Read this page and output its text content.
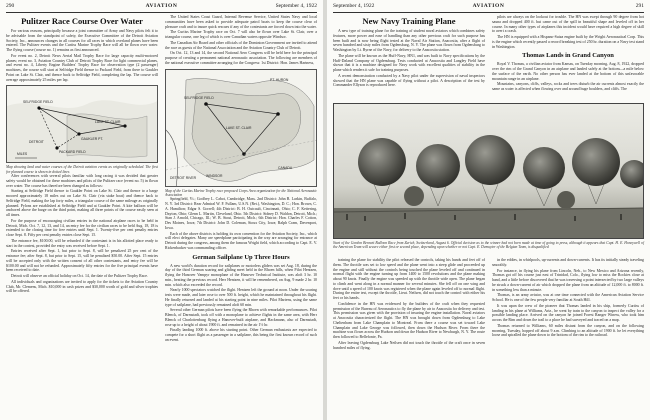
290	AVIATION	September 4, 1922
Pulitzer Race Course Over Water

For various reasons, principally because a joint committee of Army and Navy pilots felt it to be advisable from the standpoint of safety, the Executive Committee of the Detroit Aviation Society, Inc., announces changes in all courses for all races in which overland planes have been entered. The Pulitzer events and the Curtiss Marine Trophy Race will all be flown over water. The flying course (course no. 1) remains as first announced.

For event no. 2, Detroit News Aerial Mail Trophy Race for large capacity multi-motored planes; event no. 3, Aviation Country Club of Detroit Trophy Race for light commercial planes, and event no. 4, Liberty Engine Builders' Trophy Race for observation type (2 passenger) machines, the course will start at Selfridge Field thence to Packard Field, from there to Gaukler Point on Lake St. Clair, and thence back to Selfridge Field, completing the lap. The course will average approximately 25 miles per lap.

LAKE ST. CLAIR
SELFRIDGE FIELD
GAUKLER PT.
DETROIT
PACKARD FIELD
MILES
Map showing land and water courses of the Detroit aviation events as originally scheduled. The first for planned course is shown in dotted lines

After conferences with several pilots familiar with long racing it was decided that greater safety would be obtained for these machines and pilots of the Pulitzer race (event no. 5) in flown over water. The course has therefore been changed as follows:

Starting at Selfridge Field thence to Gaukler Point on Lake St. Clair and thence to a barge moored approximately 18 miles out on Lake St. Clair (via stake boat) and thence back to Selfridge Field, making the lap forty miles, a triangular course of the same mileage as originally planned. Pylons are established at Selfridge Field and at Gaukler Point. A kite balloon will be anchored above the barge on the third point, making all three points of the course easily seen at all times.

For the purpose of encouraging civilian entries in the national airplane races to be held in Detroit, Mich. Oct. 7, 12, 13, and 14, an entry fee for the civilian races to be held Aug. 18, 18 is extended to the closing time for free entries until Sept. 1. Twenty-five per cent penalty entries close Sept. 8. Fifty per cent penalty entries close Sept. 15.

The entrance fee, $100.00, will be refunded if the contestant is in his allotted place ready to start in the contest, provided the entry was received before Sept. 1.

Entries received after Sept. 1, but prior to Sept. 8, will be penalized 25 per cent of the entrance fee; after Sept. 8, but prior to Sept. 15, will be penalized $50.00. After Sept. 15 entries will be accepted only with the written consent of all other contestants, and entry fee will be $100.00 and will not be refunded. Approximately fifty entries for the five principal events have been received to date.

Detroit will observe an official holiday on Oct. 14, the date of the Pulitzer Trophy Race.

All individuals and organizations are invited to apply for the tickets to the Aviation Country Club, Mr. Clemens, Mich. $10,000 in cash prizes and $30,000 worth of gold and silver trophies will be offered.

The United States Coast Guard, Internal Revenue Service, United States Navy and local communities have been asked to provide adequate patrol boats to keep the course clear of pleasure craft and to insure quick rescues if any of the contestants are forced down into the water.

The Curtiss Marine Trophy race on Oct. 7 will also be flown over Lake St. Clair, over a triangular course, one leg of which is over Canadian waters opposite Windsor.

The Canadian Air Board and other officials of the Dominion Government are invited to attend the race as guests of the National Association and the Aviation Country Club of Detroit.

On Oct. 12, 13 and 14, the second National Aero Congress will be held here for the principal purpose of creating a permanent national aeronautic association. The following are members of the national executive committee arranging for the Congress: 1st District: Hon. James Hartness,

LAKE ST. CLAIR
SELFRIDGE FIELD
PT. HURON
CANADA
DETROIT RIVER	WINDSOR
Map of the Curtiss Marine Trophy race proposed Corps Area organization for the National Aeronautic Association

Springfield, Vt.; Godfrey L. Cabot, Cambridge, Mass. 2nd District: John B. Larkin, Buffalo, N. Y. 3rd District: Rear Admiral W. F. Fullam, U.S.N. (Ret.), Washington, D. C.; Hon. Brown, C. A. Hamilton; Edgar S. Gorrell; 4th District: B. H. Outcault, Cincinnati, Ohio; C. F. Kettering, Dayton, Ohio; Glenn L. Martin, Cleveland, Ohio. 5th District: Sidney D. Waldon, Detroit, Mich.; Stan J. Arnold, Chicago, Ill.; W. B. Stout, Detroit, Mich.; 6th District: Hon. Charles F. Cotton, Des Moines, Iowa; 7th District: John D. Coleman, Sioux City, Iowa; Ralph Cram, Davenport, Iowa.

Each of the above districts is holding its own convention for the Aviation Society, Inc., which will elect delegates. Many are speedplane participating in the way are arranging for entrance at Detroit during the congress, among them the famous Wright field, which according to Capt. E. V. Rickenbacker was commanding officer.

German Sailplane Up Three Hours

A new world's duration record for sailplanes or motorless gliders was set Aug. 18, during the day of the third German soaring and gliding meet held in the Rhoen hills, when Pilot Hentzen, flying the Hanover Vampyr monoplane of the Hanover Technical Institute, was aloft 3 hr. 10 min., beating the previous record. Herr Hentzen, it will be remembered, on Aug. 9 made 2 hr. 10 min. which also exceeded the record.

Nearly 1000 spectators watched the flight. Hentzen left the ground at noon. Under the soaring tests were made, and later rose to over 500 ft. height, which he maintained throughout his flight. He finally returned and landed at his starting point in nine miles. Pilot Martens, using the same type of sailplane, had previously remained aloft 60 min.

Several other German pilots have been flying the Rhoen with remarkable performances. Pilot Blenck, of Darmstadt, took off with a monoplane to achieve flights in the same area, with Herr Blenck of Charlottenburg flying a Hanover-built airplane, and Hackmann, also of Darmstadt, rose up to a height of about 1900 ft. and remained in the air 1½ hr.

Finally landing 1000 ft. above his starting point. Other German enthusiasts are expected to compete for a short flight as a passenger in a sailplane, this being the first known record of such an event.

September 4, 1922	AVIATION	291
New Navy Training Plane

A new type of training plane for the training of student naval aviators which combines safety features, more power and ease of handling than any other previous craft for such purpose has been built and is now being flight tested at the Naval Air Station, Anacostia, after a flight of seven hundred and sixty miles from Ogdensburg, N. Y. The plane was flown from Ogdensburg to Washington by Lt. Byrne of the Navy, for delivery to the Anacostia station.

The plane will be known as the Huff-Navy, HN1, and was built to Navy specifications by the Huff-Daland Company of Ogdensburg. Tests conducted at Anacostia and Langley Field have shown that it is a machine designed for Navy work with excellent qualities of stability in the plane which renders it safe for training purposes.

A recent demonstration conducted by a Navy pilot under the supervision of naval inspectors showed that the HN plane was capable of flying without a pilot. A description of the test by Commander Ellyson is reproduced here.

pilots are always on the lookout for trouble. The HN was swept through 90 degree from hot sauna and dropped 400 ft. but came out of the spill in beautiful shape and leveled off in her course. In many other types of airplanes this incident would have required a high degree of skill to avert a crash.

The HN is equipped with a Hispano-Suiza engine built by the Wright Aeronautical Corp. This is the engine which recently passed a record breaking test of 250 hr. duration on a Navy test stand in Washington.

Thomas Lands in Grand Canyon

Royal V. Thomas, a civilian aviator from Kansas, on Tuesday morning, Aug. 8, 1922, dropped over the rim of the Grand Canyon in an airplane and landed safely at the bottom—a mile below the surface of the earth. No other person has ever landed at the bottom of this unfavorable mountain range in an airplane.

Mountains, canyons, cliffs, valleys, rocks and trees disturb the air currents almost exactly the same as water is affected when flowing over and around huge boulders, and cliffs. The

Start of the Gordon Bennett Balloon Race from Zurich, Switzerland, August 6. Official decision as to the winner had not been made at time of going to press, although it appears that Capt. H. E. Honeywell of the American Team will secure either first or second place, depending upon whether or not Capt. E. Demuyter of the Belgian Team, is disqualified

training the plane for stability the pilot released the controls, taking his hands and feet off of them. The throttle was set to low speed and the plane went into a steep glide and proceeded up the engine and still without the controls being touched the plane leveled off and continued in normal flight with the engine turning up from 1400 to 1500 revolutions and the plane making about 90 knots. Finally the engine was speeded up with the throttle wide open. The plane began to climb and went along in a normal manner for several minutes. She fell off on one wing and dove until a speed of 100 knots was registered when the plane again leveled off to normal flight. During the entire test, except the throttle, Lieut. Neilsen, did not touch the control with either his feet or his hands.

Confidence in the HN was evidenced by the builders of the craft when they requested permission of the Bureau of Aeronautics to fly the plane by air to Anacostia for delivery and test. This permission was given with the provision of insuring the engine installation. Naval aviators at Anacostia characterized the flight. The HN was brought down from Ogdensburg to Lake Cheltenham from Lake Champlain to Montreal. From there a course was set toward Lake Champlain and Lake George was followed, then down the Hudson River. From there the machine was flown across the Hudson and down the Hudson River to Newburgh, N. Y. The route then followed to Bellefonte, Pa.

After leaving Ogdensburg Lake Neilsen did not touch the throttle of the craft once in seven hundred miles of flying.

in the eddies, in whirlpools, up-currents and down-currents. It has its initially steady traveling smoothly.

For instance, in flying his plane from Lincoln, Neb., to New Mexico and Arizona recently, Thomas got off his course just east of Trinidad, Colo., flying low to miss the Rockies close at hand, and a little before discovered that he was traversing a point intersected by two large valleys he struck a down-current of air which dropped the plane from an altitude of 12,000 ft. to 8000 ft. in something less than a minute.

Thomas, is an army aviator, was at one time connected with the American Aviation Service School. He is one of the few people very familiar at South Hill.

It was upon the crew of the pioneer that Thomas landed in his ship, formerly Curtiss of landing in his plane at Williams, Ariz., he went by train to the canyon to inspect the valley for a possible landing place. Arrived on the canyon he joined Forest Ranger Winess, who took him across the Rim and down the trail to a place he had surveyed and traced on a map.

Thomas returned to Williams, 60 miles distant from the canyon, and on the following morning, Tuesday, hopped off about 9 a.m. Climbing to an altitude of 1900 ft. he let everything loose and spiralled the plane down to the bottom of the rim to the railroad.
